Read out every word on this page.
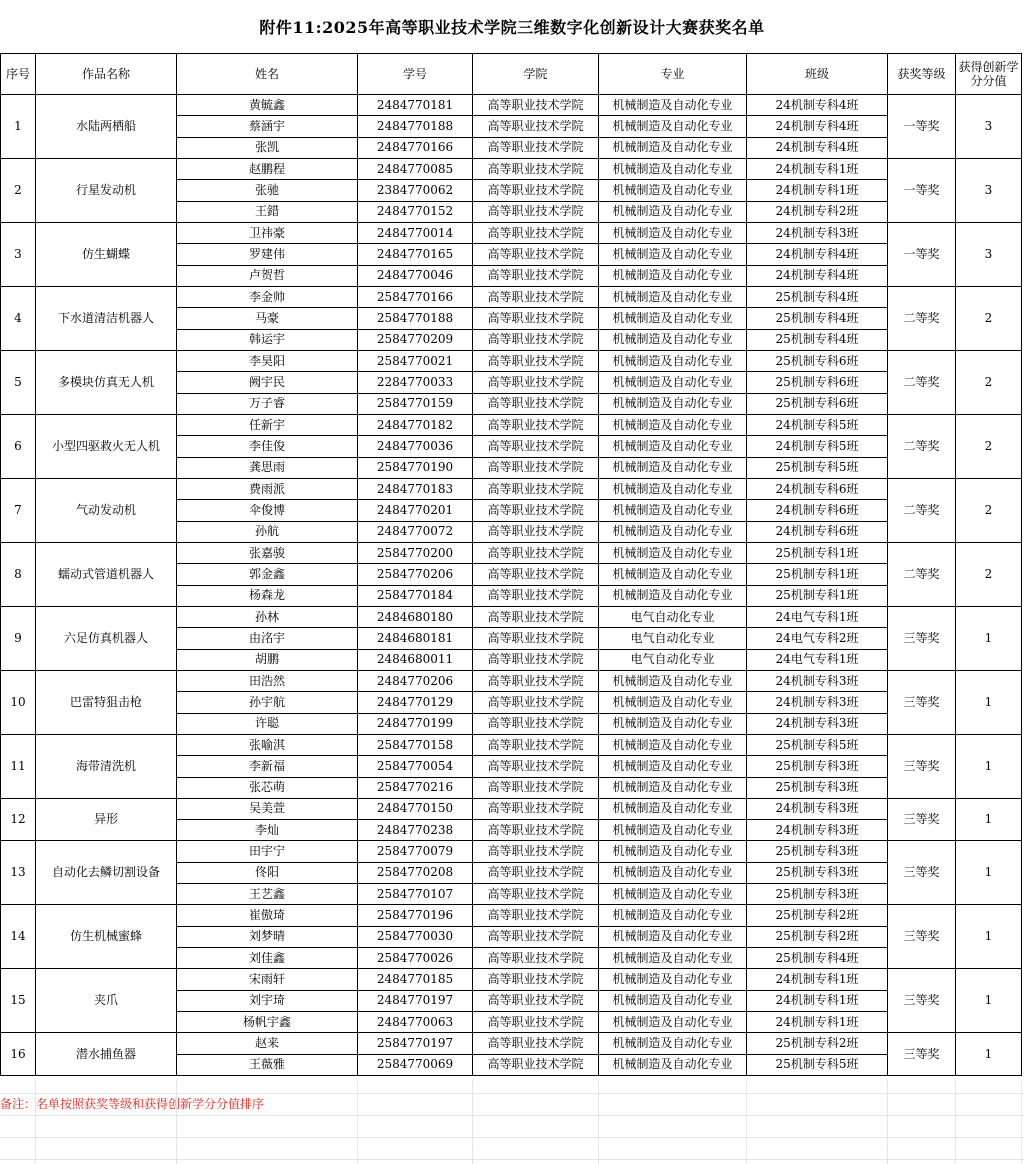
附件11:2025年高等职业技术学院三维数字化创新设计大赛获奖名单
序号	作品名称	姓名	学号	学院	专业	班级	获奖等级	获得创新学分分值
1	水陆两栖船	黄毓鑫	2484770181	高等职业技术学院	机械制造及自动化专业	24机制专科4班	一等奖	3
		蔡涵宇	2484770188	高等职业技术学院	机械制造及自动化专业	24机制专科4班		
		张凯	2484770166	高等职业技术学院	机械制造及自动化专业	24机制专科4班		
2	行星发动机	赵鹏程	2484770085	高等职业技术学院	机械制造及自动化专业	24机制专科1班	一等奖	3
		张驰	2384770062	高等职业技术学院	机械制造及自动化专业	24机制专科1班		
		王錯	2484770152	高等职业技术学院	机械制造及自动化专业	24机制专科2班		
3	仿生蝴蝶	卫祎豪	2484770014	高等职业技术学院	机械制造及自动化专业	24机制专科3班	一等奖	3
		罗建伟	2484770165	高等职业技术学院	机械制造及自动化专业	24机制专科4班		
		卢贺哲	2484770046	高等职业技术学院	机械制造及自动化专业	24机制专科4班		
4	下水道清洁机器人	李金帅	2584770166	高等职业技术学院	机械制造及自动化专业	25机制专科4班	二等奖	2
		马豪	2584770188	高等职业技术学院	机械制造及自动化专业	25机制专科4班		
		韩运宇	2584770209	高等职业技术学院	机械制造及自动化专业	25机制专科4班		
5	多模块仿真无人机	李昊阳	2584770021	高等职业技术学院	机械制造及自动化专业	25机制专科6班	二等奖	2
		阙宇民	2284770033	高等职业技术学院	机械制造及自动化专业	25机制专科6班		
		万子睿	2584770159	高等职业技术学院	机械制造及自动化专业	25机制专科6班		
6	小型四驱救火无人机	任新宇	2484770182	高等职业技术学院	机械制造及自动化专业	24机制专科5班	二等奖	2
		李佳俊	2484770036	高等职业技术学院	机械制造及自动化专业	24机制专科5班		
		龚思雨	2584770190	高等职业技术学院	机械制造及自动化专业	25机制专科5班		
7	气动发动机	费雨派	2484770183	高等职业技术学院	机械制造及自动化专业	24机制专科6班	二等奖	2
		伞俊博	2484770201	高等职业技术学院	机械制造及自动化专业	24机制专科6班		
		孙航	2484770072	高等职业技术学院	机械制造及自动化专业	24机制专科6班		
8	蠕动式管道机器人	张嘉骏	2584770200	高等职业技术学院	机械制造及自动化专业	25机制专科1班	二等奖	2
		郭金鑫	2584770206	高等职业技术学院	机械制造及自动化专业	25机制专科1班		
		杨森龙	2584770184	高等职业技术学院	机械制造及自动化专业	25机制专科1班		
9	六足仿真机器人	孙林	2484680180	高等职业技术学院	电气自动化专业	24电气专科1班	三等奖	1
		由洺宇	2484680181	高等职业技术学院	电气自动化专业	24电气专科2班		
		胡鹏	2484680011	高等职业技术学院	电气自动化专业	24电气专科1班		
10	巴雷特狙击枪	田浩然	2484770206	高等职业技术学院	机械制造及自动化专业	24机制专科3班	三等奖	1
		孙宇航	2484770129	高等职业技术学院	机械制造及自动化专业	24机制专科3班		
		许聪	2484770199	高等职业技术学院	机械制造及自动化专业	24机制专科3班		
11	海带清洗机	张喻淇	2584770158	高等职业技术学院	机械制造及自动化专业	25机制专科5班	三等奖	1
		李新福	2584770054	高等职业技术学院	机械制造及自动化专业	25机制专科3班		
		张芯萌	2584770216	高等职业技术学院	机械制造及自动化专业	25机制专科3班		
12	异形	吴美萱	2484770150	高等职业技术学院	机械制造及自动化专业	24机制专科3班	三等奖	1
		李灿	2484770238	高等职业技术学院	机械制造及自动化专业	24机制专科3班		
13	自动化去鳞切割设备	田宇宁	2584770079	高等职业技术学院	机械制造及自动化专业	25机制专科3班	三等奖	1
		佟阳	2584770208	高等职业技术学院	机械制造及自动化专业	25机制专科3班		
		王艺鑫	2584770107	高等职业技术学院	机械制造及自动化专业	25机制专科3班		
14	仿生机械蜜蜂	崔傲琦	2584770196	高等职业技术学院	机械制造及自动化专业	25机制专科2班	三等奖	1
		刘梦晴	2584770030	高等职业技术学院	机械制造及自动化专业	25机制专科2班		
		刘佳鑫	2584770026	高等职业技术学院	机械制造及自动化专业	25机制专科4班		
15	夹爪	宋雨轩	2484770185	高等职业技术学院	机械制造及自动化专业	24机制专科1班	三等奖	1
		刘宇琦	2484770197	高等职业技术学院	机械制造及自动化专业	24机制专科1班		
		杨帆宇鑫	2484770063	高等职业技术学院	机械制造及自动化专业	24机制专科1班		
16	潜水捕鱼器	赵来	2584770197	高等职业技术学院	机械制造及自动化专业	25机制专科2班	三等奖	1
		王薇雅	2584770069	高等职业技术学院	机械制造及自动化专业	25机制专科5班		
备注：名单按照获奖等级和获得创新学分分值排序
